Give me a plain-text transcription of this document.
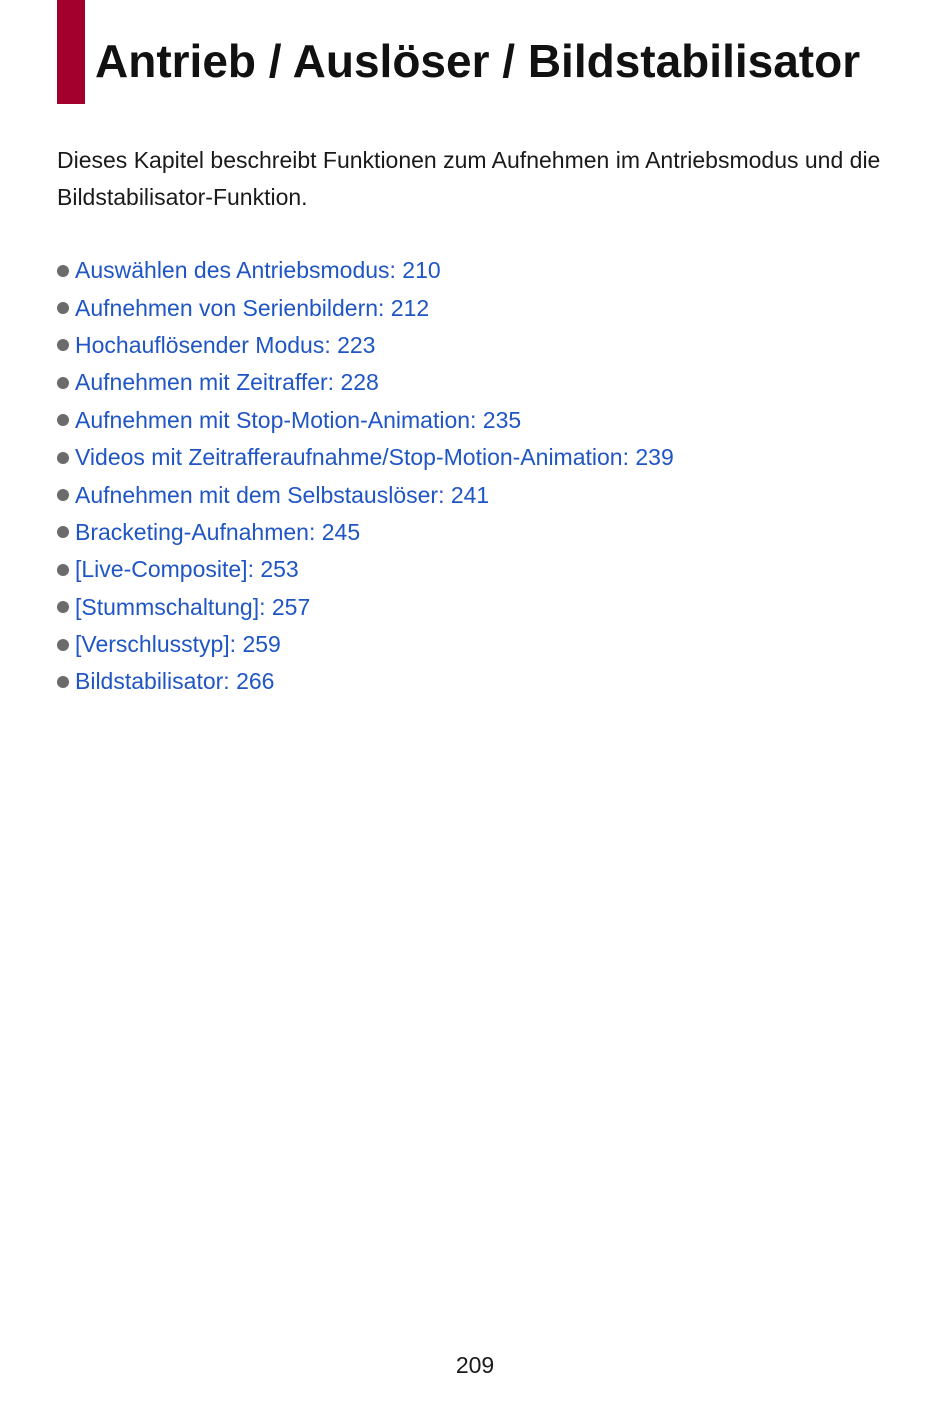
Antrieb / Auslöser / Bildstabilisator

Dieses Kapitel beschreibt Funktionen zum Aufnehmen im Antriebsmodus und die Bildstabilisator-Funktion.

Auswählen des Antriebsmodus: 210
Aufnehmen von Serienbildern: 212
Hochauflösender Modus: 223
Aufnehmen mit Zeitraffer: 228
Aufnehmen mit Stop-Motion-Animation: 235
Videos mit Zeitrafferaufnahme/Stop-Motion-Animation: 239
Aufnehmen mit dem Selbstauslöser: 241
Bracketing-Aufnahmen: 245
[Live-Composite]: 253
[Stummschaltung]: 257
[Verschlusstyp]: 259
Bildstabilisator: 266
209
